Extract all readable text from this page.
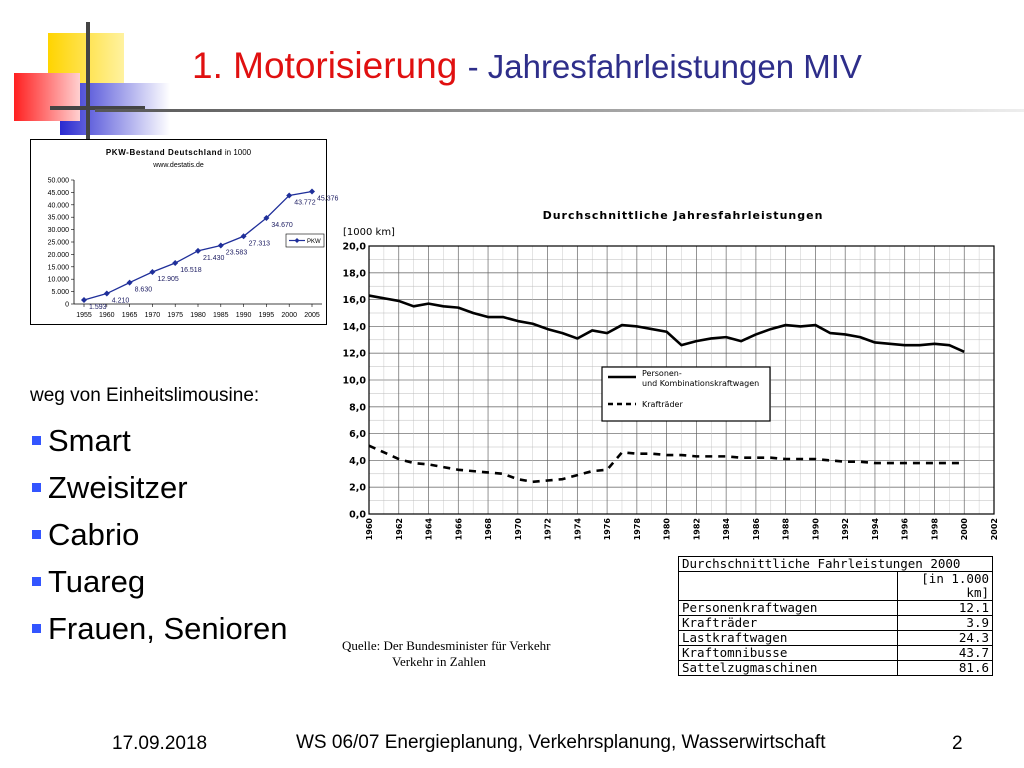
1. Motorisierung - Jahresfahrleistungen MIV
PKW-Bestand Deutschland in 1000
www.destatis.de
50.000
45.000
40.000
35.000
30.000
25.000
20.000
15.000
10.000
5.000
0
1955 1960 1965 1970 1975 1980 1985 1990 1995 2000 2005
1.593
4.210
8.630
12.905
16.518
21.430
23.583
27.313
34.670
43.772
45.376
PKW
Durchschnittliche Jahresfahrleistungen
[1000 km]
0,0
2,0
4,0
6,0
8,0
10,0
12,0
14,0
16,0
18,0
20,0
1960	1962	1964	1966	1968	1970	1972	1974	1976	1978	1980	1982	1984	1986	1988	1990	1992	1994	1996	1998	2000	2002
Personen-und Kombinationskraftwagen
Krafträder
weg von Einheitslimousine:
Smart
Zweisitzer
Cabrio
Tuareg
Frauen, Senioren
Durchschnittliche Fahrleistungen 2000	
	[in 1.000 km]
Personenkraftwagen	12.1
Krafträder	3.9
Lastkraftwagen	24.3
Kraftomnibusse	43.7
Sattelzugmaschinen	81.6
Quelle: Der Bundesminister für Verkehr
Verkehr in Zahlen
17.09.2018	WS 06/07 Energieplanung, Verkehrsplanung, Wasserwirtschaft	2
